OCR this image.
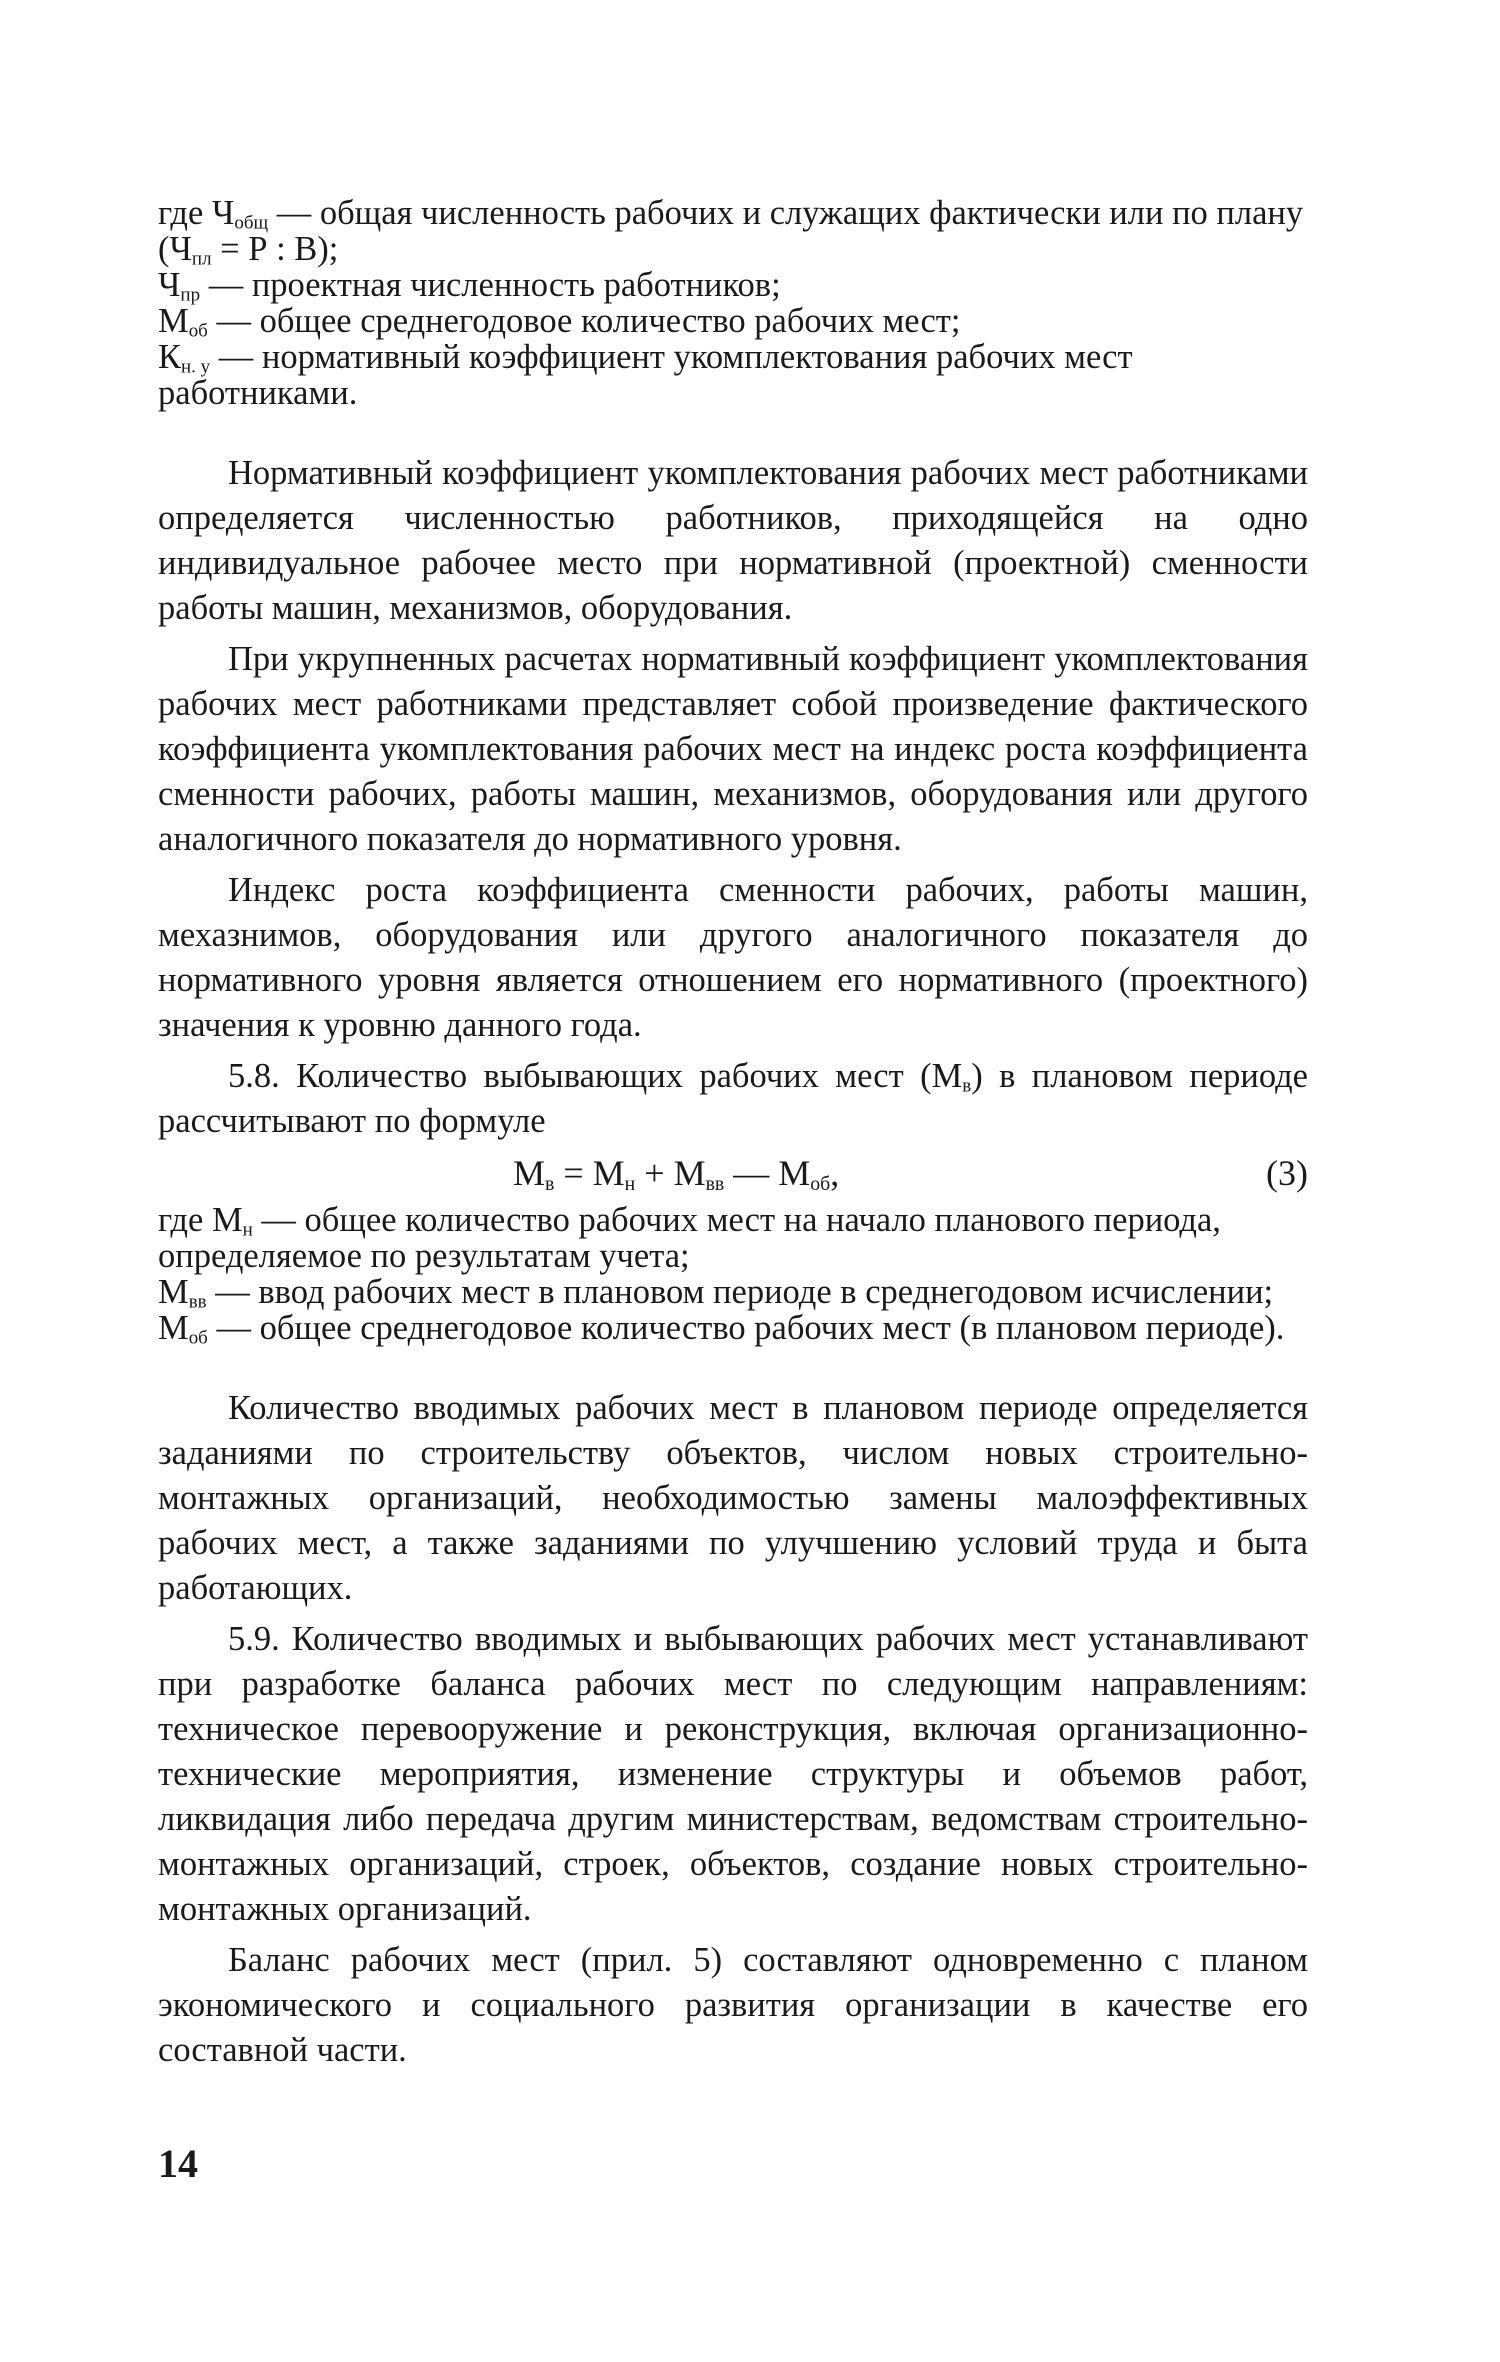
где $Ч_{общ}$ — общая численность рабочих и служащих фактически или по плану ($Ч_{пл} = Р$ : В);

$Ч_{пр}$ — проектная численность работников;

$М_{об}$ — общее среднегодовое количество рабочих мест;

$К_{н. у}$ — нормативный коэффициент укомплектования рабочих мест работниками.

Нормативный коэффициент укомплектования рабочих мест работниками определяется численностью работников, приходящейся на одно индивидуальное рабочее место при нормативной (проектной) сменности работы машин, механизмов, оборудования.

При укрупненных расчетах нормативный коэффициент укомплектования рабочих мест работниками представляет собой произведение фактического коэффициента укомплектования рабочих мест на индекс роста коэффициента сменности рабочих, работы машин, механизмов, оборудования или другого аналогичного показателя до нормативного уровня.

Индекс роста коэффициента сменности рабочих, работы машин, мехазнимов, оборудования или другого аналогичного показателя до нормативного уровня является отношением его нормативного (проектного) значения к уровню данного года.

5.8. Количество выбывающих рабочих мест $(М_в)$ в плановом периоде рассчитывают по формуле

$М_в = М_н + М_{вв}$ — $М_{об}$,	(3)

где $М_н$ — общее количество рабочих мест на начало планового периода, определяемое по результатам учета;

$М_{вв}$ — ввод рабочих мест в плановом периоде в среднегодовом исчислении;

$М_{об}$ — общее среднегодовое количество рабочих мест (в плановом периоде).

Количество вводимых рабочих мест в плановом периоде определяется заданиями по строительству объектов, числом новых строительно-монтажных организаций, необходимостью замены малоэффективных рабочих мест, а также заданиями по улучшению условий труда и быта работающих.

5.9. Количество вводимых и выбывающих рабочих мест устанавливают при разработке баланса рабочих мест по следующим направлениям: техническое перевооружение и реконструкция, включая организационно-технические мероприятия, изменение структуры и объемов работ, ликвидация либо передача другим министерствам, ведомствам строительно-монтажных организаций, строек, объектов, создание новых строительно-монтажных организаций.

Баланс рабочих мест (прил. 5) составляют одновременно с планом экономического и социального развития организации в качестве его составной части.

14
